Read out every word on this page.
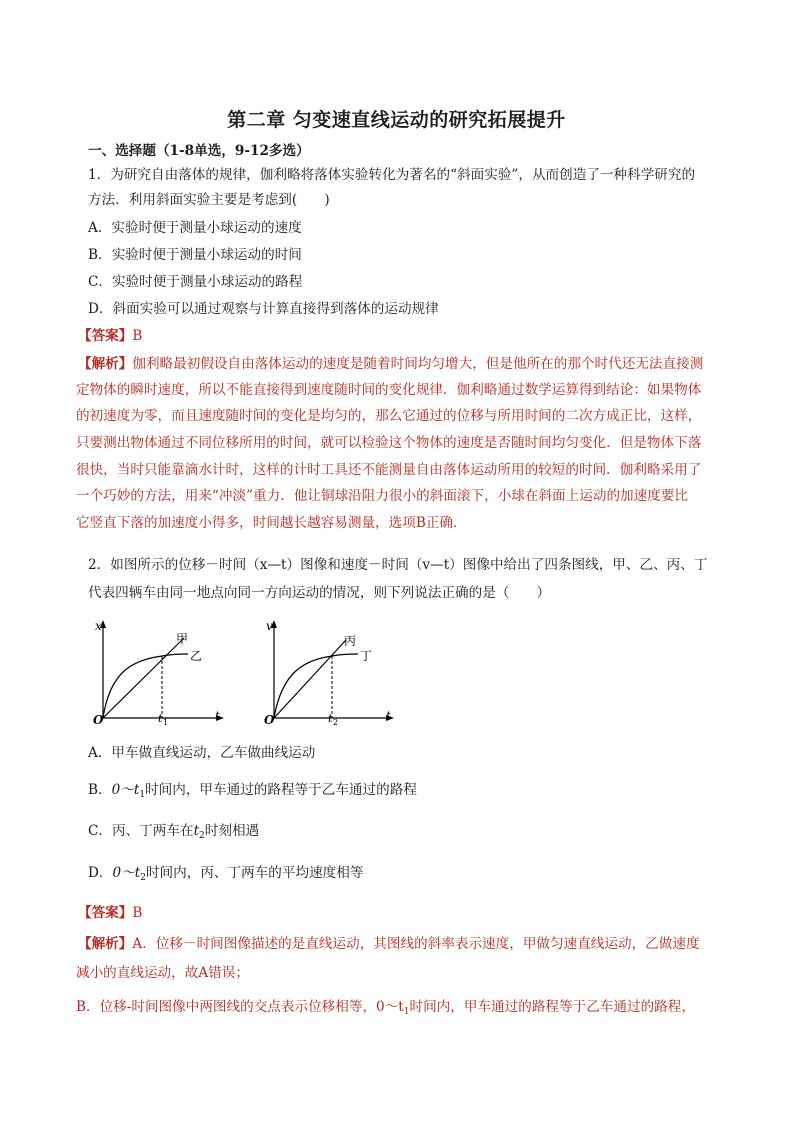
第二章 匀变速直线运动的研究拓展提升
一、选择题（1-8单选，9-12多选）
1．为研究自由落体的规律，伽利略将落体实验转化为著名的“斜面实验”，从而创造了一种科学研究的
方法．利用斜面实验主要是考虑到(　　)
A．实验时便于测量小球运动的速度
B．实验时便于测量小球运动的时间
C．实验时便于测量小球运动的路程
D．斜面实验可以通过观察与计算直接得到落体的运动规律
【答案】B
【解析】伽利略最初假设自由落体运动的速度是随着时间均匀增大，但是他所在的那个时代还无法直接测
定物体的瞬时速度，所以不能直接得到速度随时间的变化规律．伽利略通过数学运算得到结论：如果物体
的初速度为零，而且速度随时间的变化是均匀的，那么它通过的位移与所用时间的二次方成正比，这样，
只要测出物体通过不同位移所用的时间，就可以检验这个物体的速度是否随时间均匀变化．但是物体下落
很快，当时只能靠滴水计时，这样的计时工具还不能测量自由落体运动所用的较短的时间．伽利略采用了
一个巧妙的方法，用来“冲淡”重力．他让铜球沿阻力很小的斜面滚下，小球在斜面上运动的加速度要比
它竖直下落的加速度小得多，时间越长越容易测量，选项B正确．
2．如图所示的位移－时间（x—t）图像和速度－时间（v—t）图像中给出了四条图线，甲、乙、丙、丁
代表四辆车由同一地点向同一方向运动的情况，则下列说法正确的是（　　）
x
t
O	t 1
甲
乙
v
t
O	t 2
丙
丁
A．甲车做直线运动，乙车做曲线运动
B．$0\sim t_1$时间内，甲车通过的路程等于乙车通过的路程
C．丙、丁两车在$t_2$时刻相遇
D．$0\sim t_2$时间内，丙、丁两车的平均速度相等
【答案】B
【解析】A．位移－时间图像描述的是直线运动，其图线的斜率表示速度，甲做匀速直线运动，乙做速度
减小的直线运动，故A错误；
B．位移-时间图像中两图线的交点表示位移相等，$0\sim t_1$时间内，甲车通过的路程等于乙车通过的路程，
